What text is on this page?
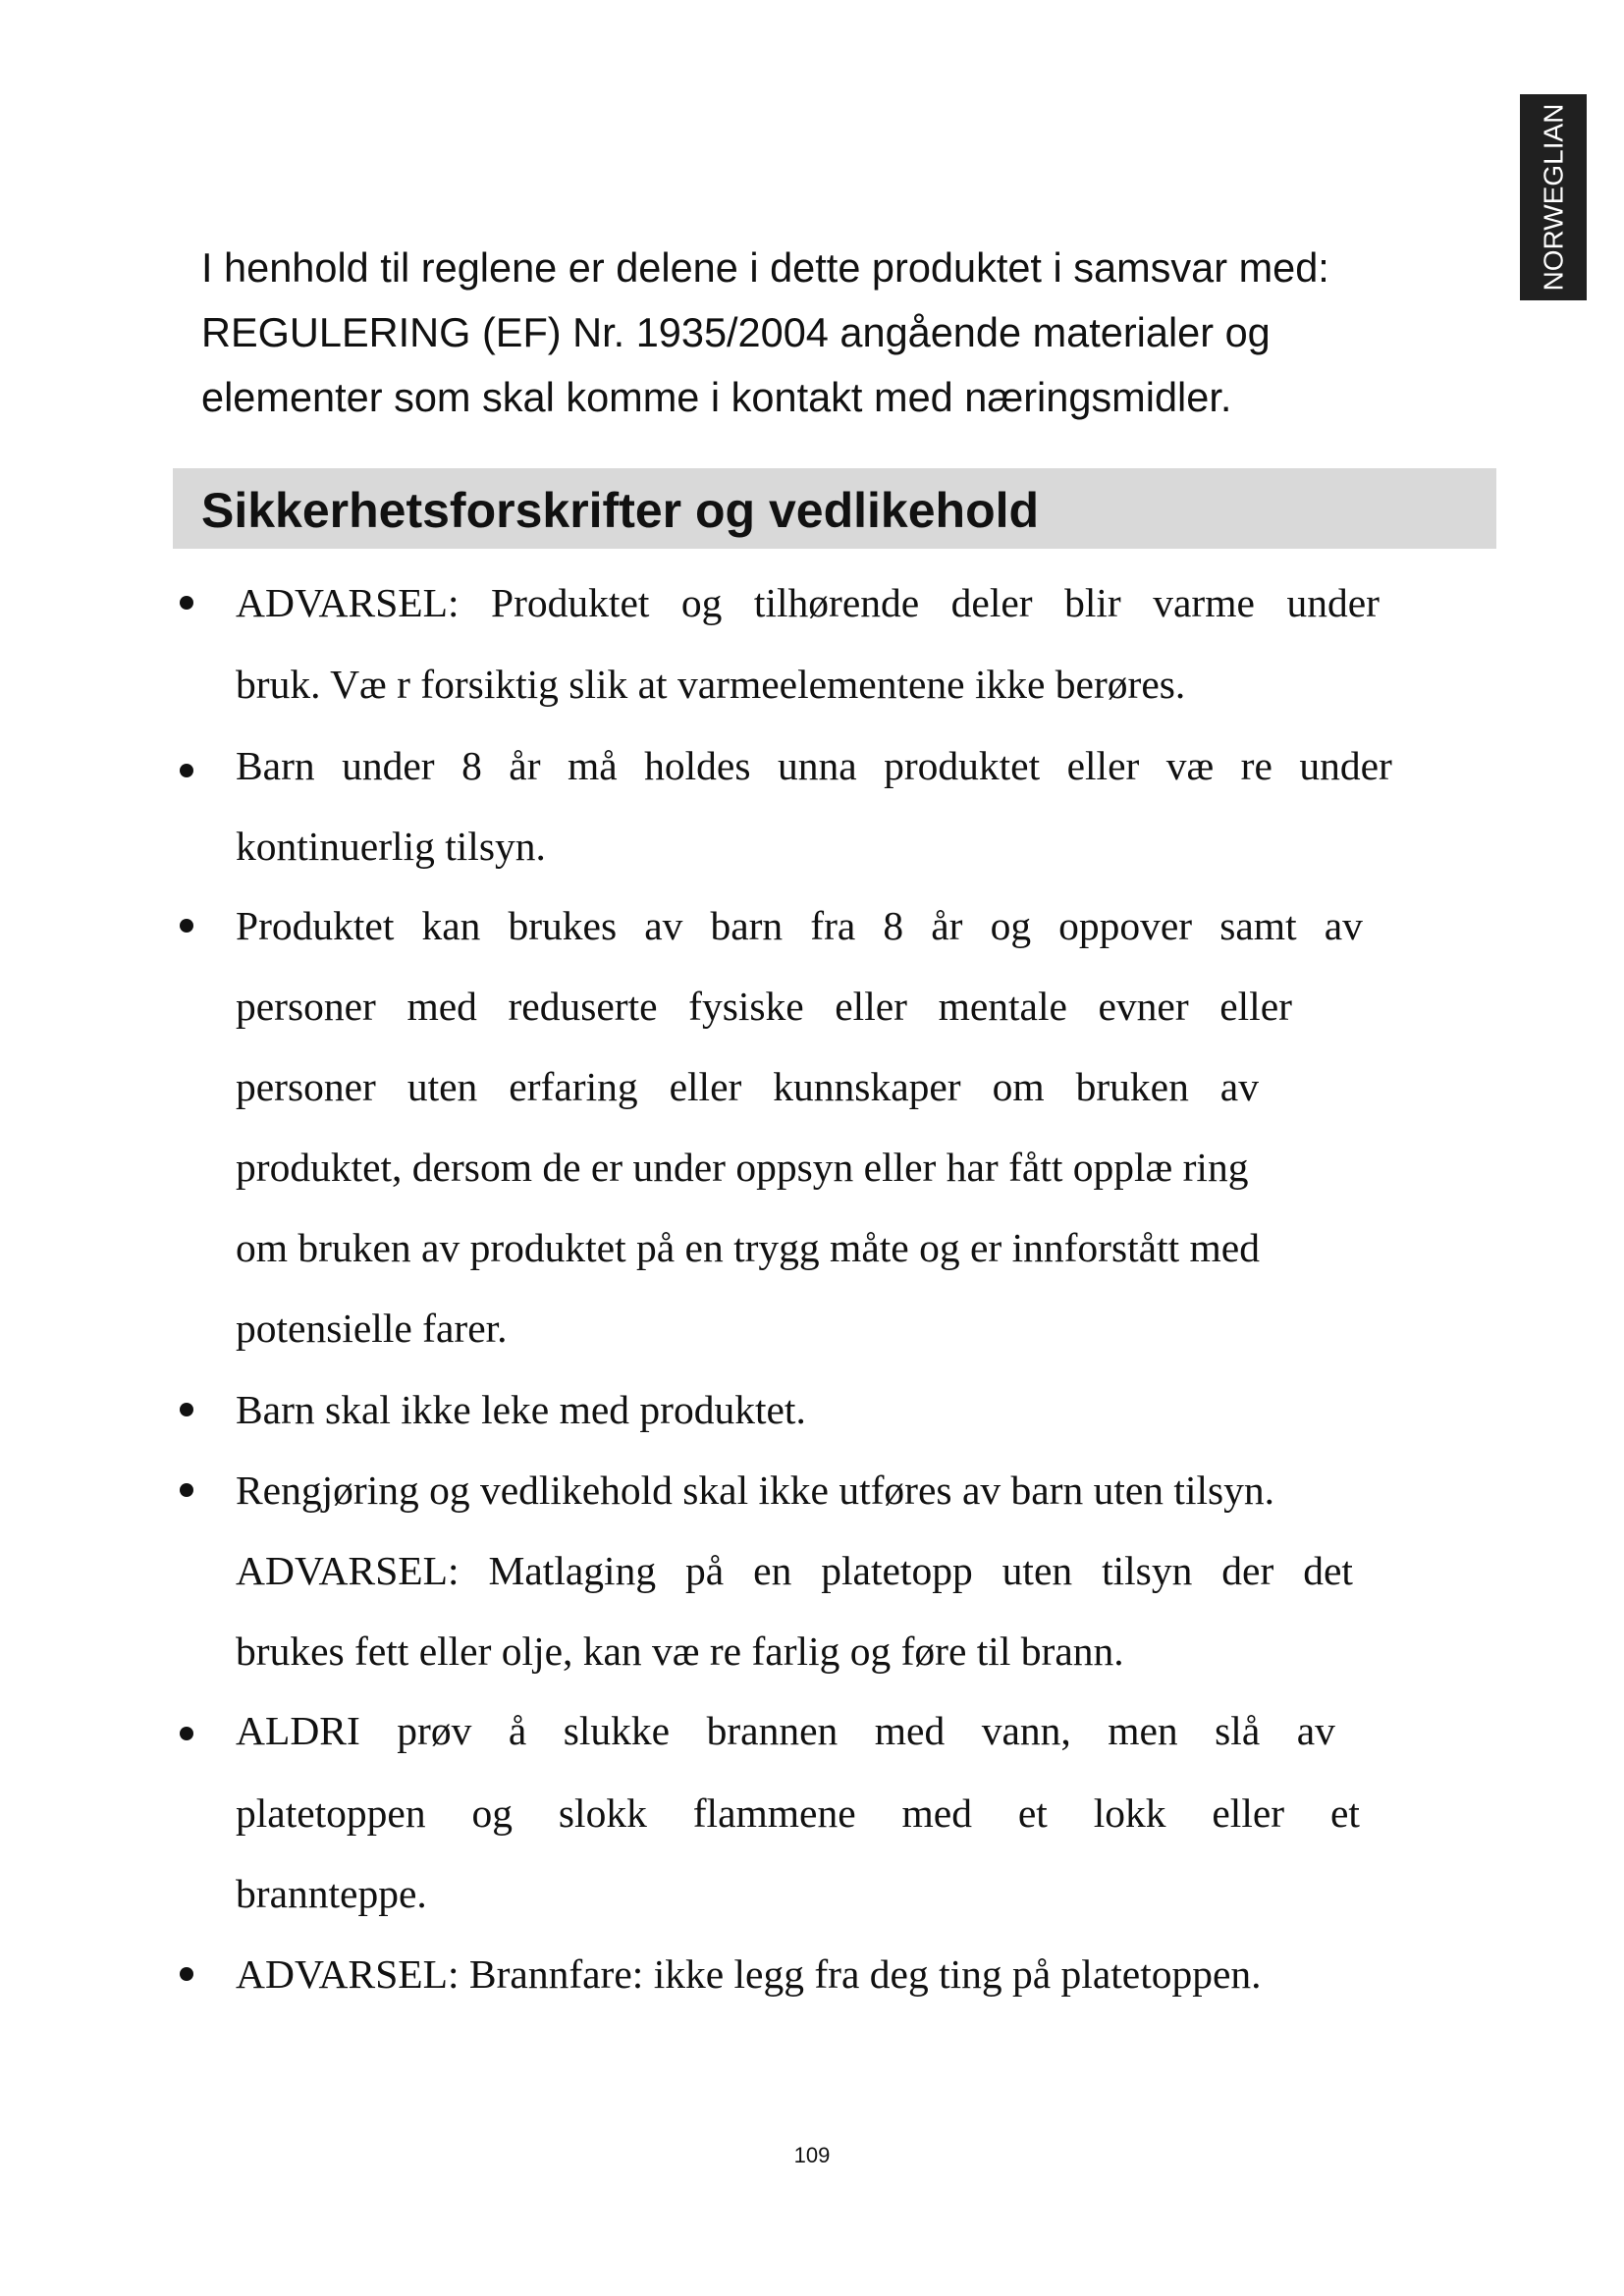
NORWEGLIAN
I henhold til reglene er delene i dette produktet i samsvar med:
REGULERING (EF) Nr. 1935/2004 angående materialer og
elementer som skal komme i kontakt med næringsmidler.
Sikkerhetsforskrifter og vedlikehold
ADVARSEL: Produktet og tilhørende deler blir varme under
bruk. Væ r forsiktig slik at varmeelementene ikke berøres.
Barn under 8 år må holdes unna produktet eller væ re under
kontinuerlig tilsyn.
Produktet kan brukes av barn fra 8 år og oppover samt av
personer med reduserte fysiske eller mentale evner eller
personer uten erfaring eller kunnskaper om bruken av
produktet, dersom de er under oppsyn eller har fått opplæ ring
om bruken av produktet på en trygg måte og er innforstått med
potensielle farer.
Barn skal ikke leke med produktet.
Rengjøring og vedlikehold skal ikke utføres av barn uten tilsyn.
ADVARSEL: Matlaging på en platetopp uten tilsyn der det
brukes fett eller olje, kan væ re farlig og føre til brann.
ALDRI prøv å slukke brannen med vann, men slå av
platetoppen og slokk flammene med et lokk eller et
brannteppe.
ADVARSEL: Brannfare: ikke legg fra deg ting på platetoppen.
109
